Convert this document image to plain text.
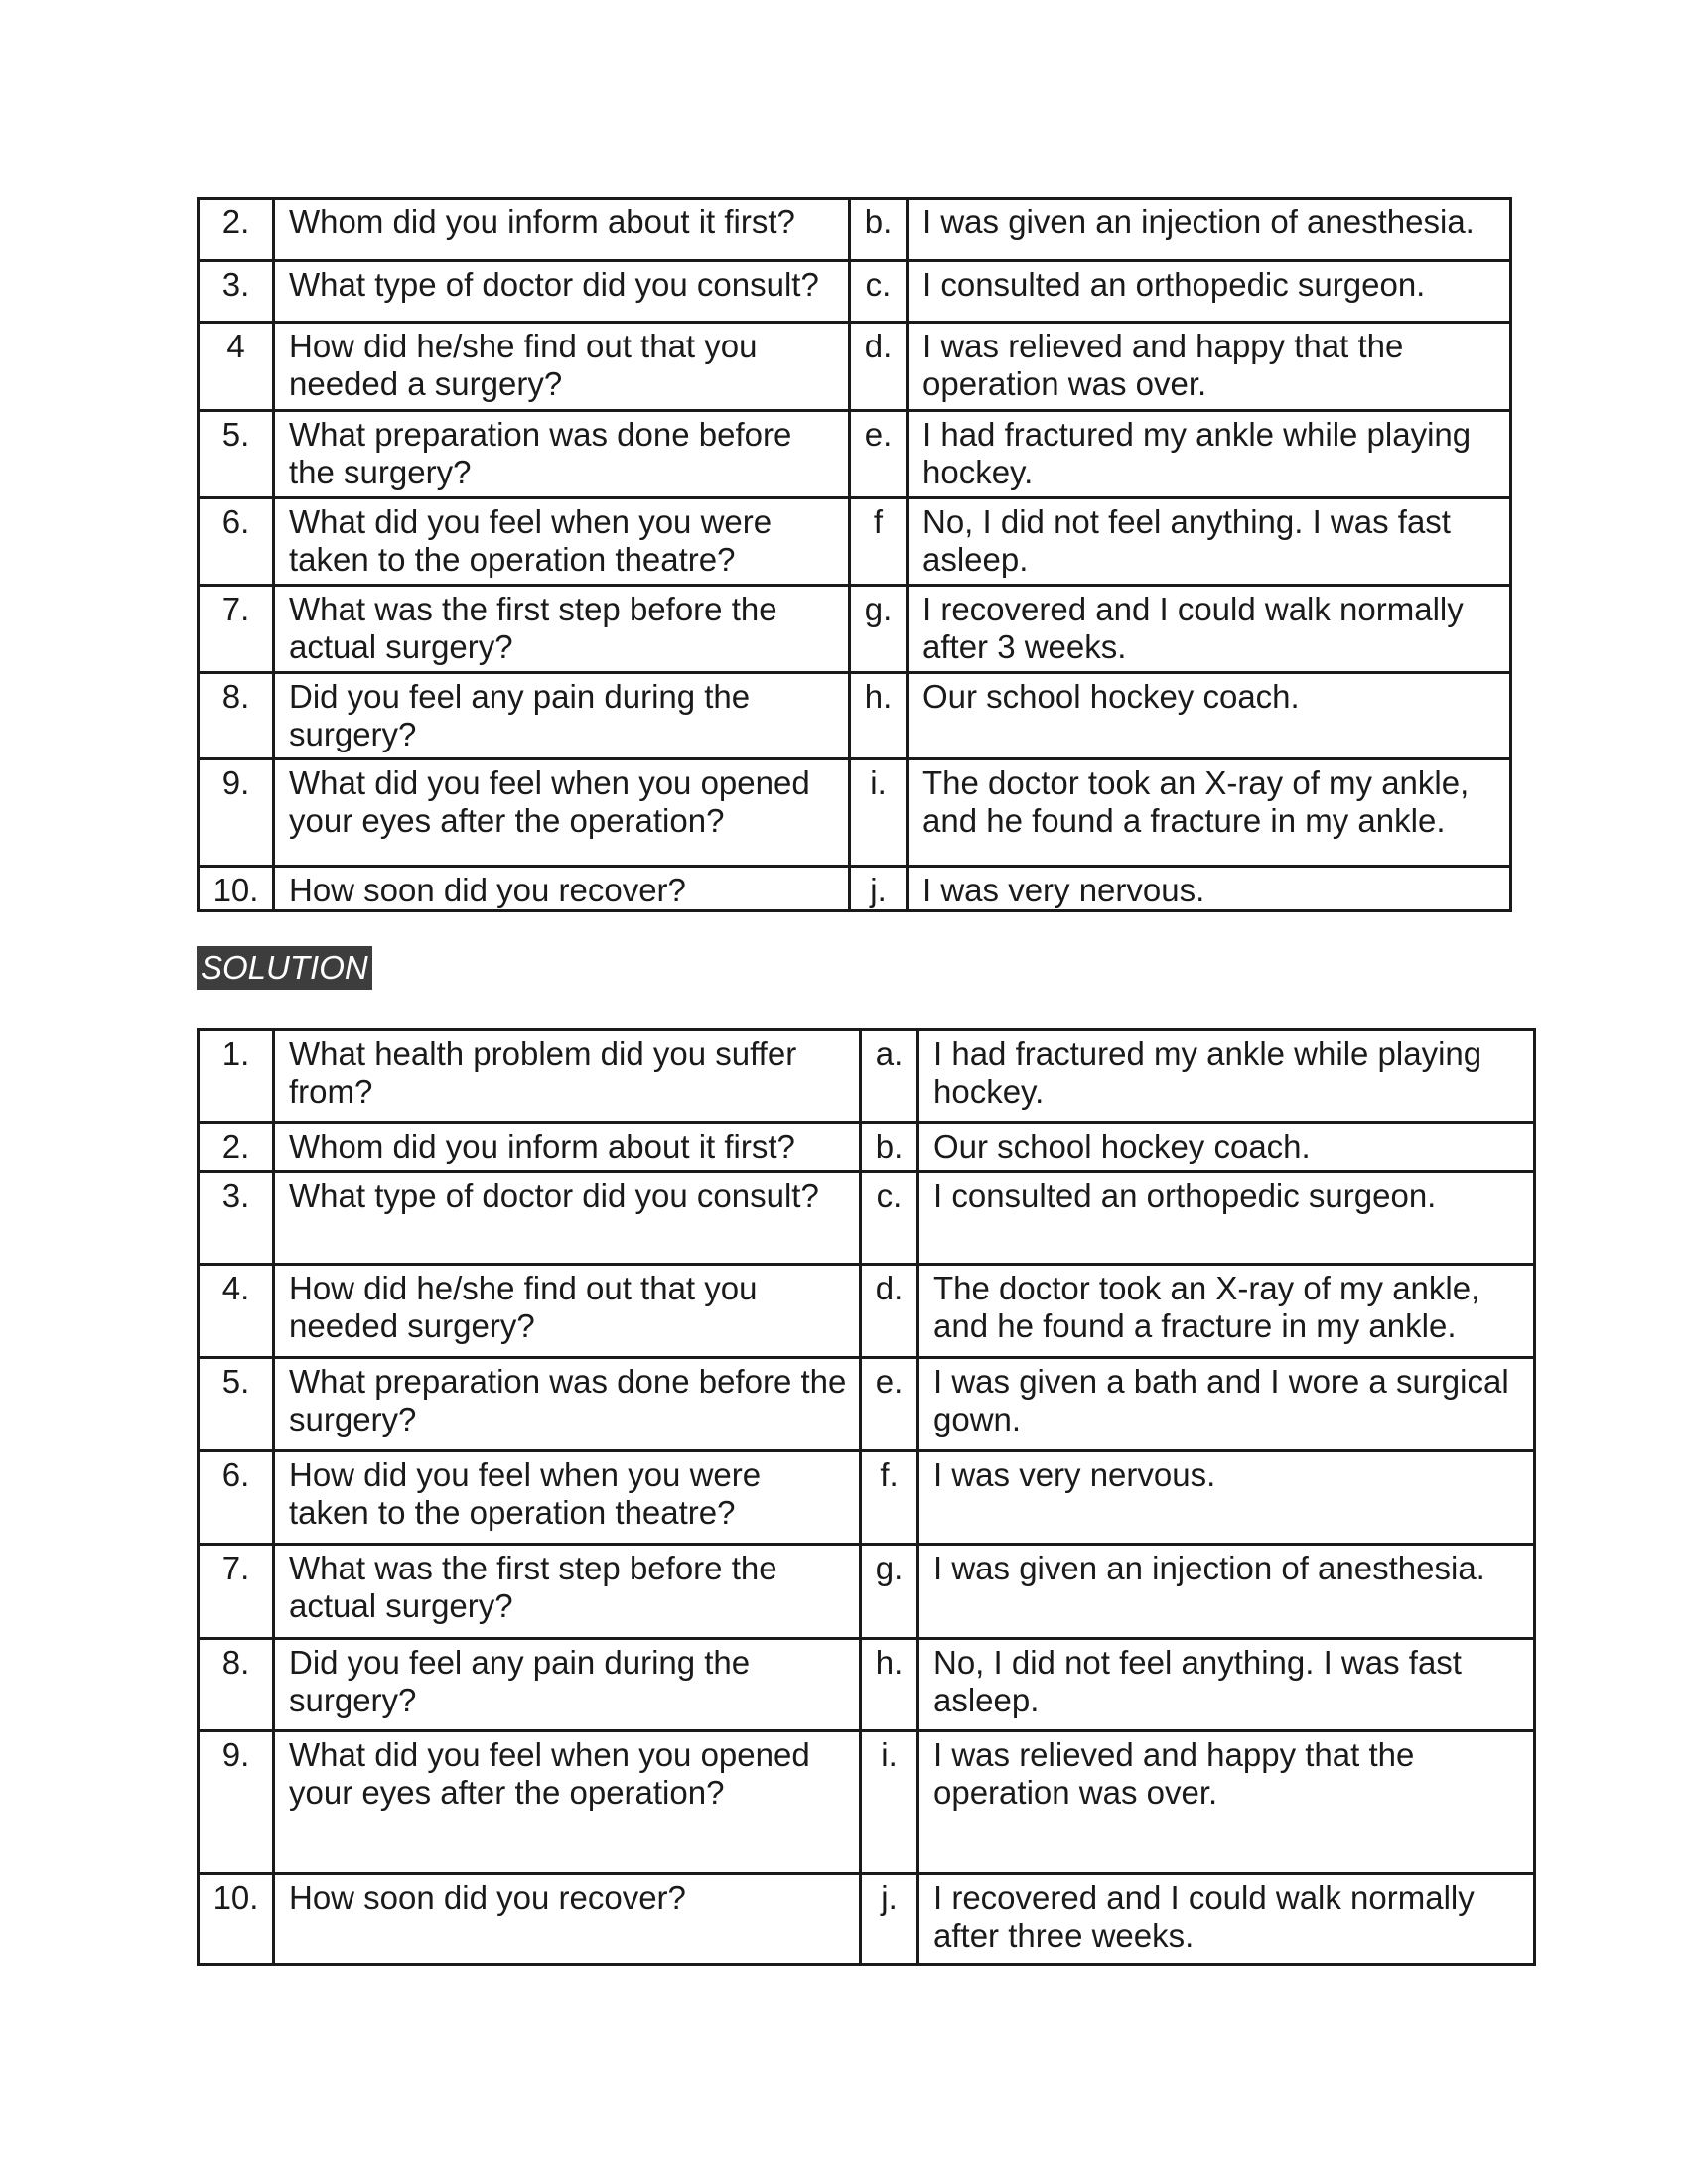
2.	Whom did you inform about it first?	b.	I was given an injection of anesthesia.
3.	What type of doctor did you consult?	c.	I consulted an orthopedic surgeon.
4	How did he/she find out that you needed a surgery?	d.	I was relieved and happy that the operation was over.
5.	What preparation was done before the surgery?	e.	I had fractured my ankle while playing hockey.
6.	What did you feel when you were taken to the operation theatre?	f	No, I did not feel anything. I was fast asleep.
7.	What was the first step before the actual surgery?	g.	I recovered and I could walk normally after 3 weeks.
8.	Did you feel any pain during the surgery?	h.	Our school hockey coach.
9.	What did you feel when you opened your eyes after the operation?	i.	The doctor took an X-ray of my ankle, and he found a fracture in my ankle.
10.	How soon did you recover?	j.	I was very nervous.
SOLUTION
1.	What health problem did you suffer from?	a.	I had fractured my ankle while playing hockey.
2.	Whom did you inform about it first?	b.	Our school hockey coach.
3.	What type of doctor did you consult?	c.	I consulted an orthopedic surgeon.
4.	How did he/she find out that you needed surgery?	d.	The doctor took an X-ray of my ankle, and he found a fracture in my ankle.
5.	What preparation was done before the surgery?	e.	I was given a bath and I wore a surgical gown.
6.	How did you feel when you were taken to the operation theatre?	f.	I was very nervous.
7.	What was the first step before the actual surgery?	g.	I was given an injection of anesthesia.
8.	Did you feel any pain during the surgery?	h.	No, I did not feel anything. I was fast asleep.
9.	What did you feel when you opened your eyes after the operation?	i.	I was relieved and happy that the operation was over.
10.	How soon did you recover?	j.	I recovered and I could walk normally after three weeks.
